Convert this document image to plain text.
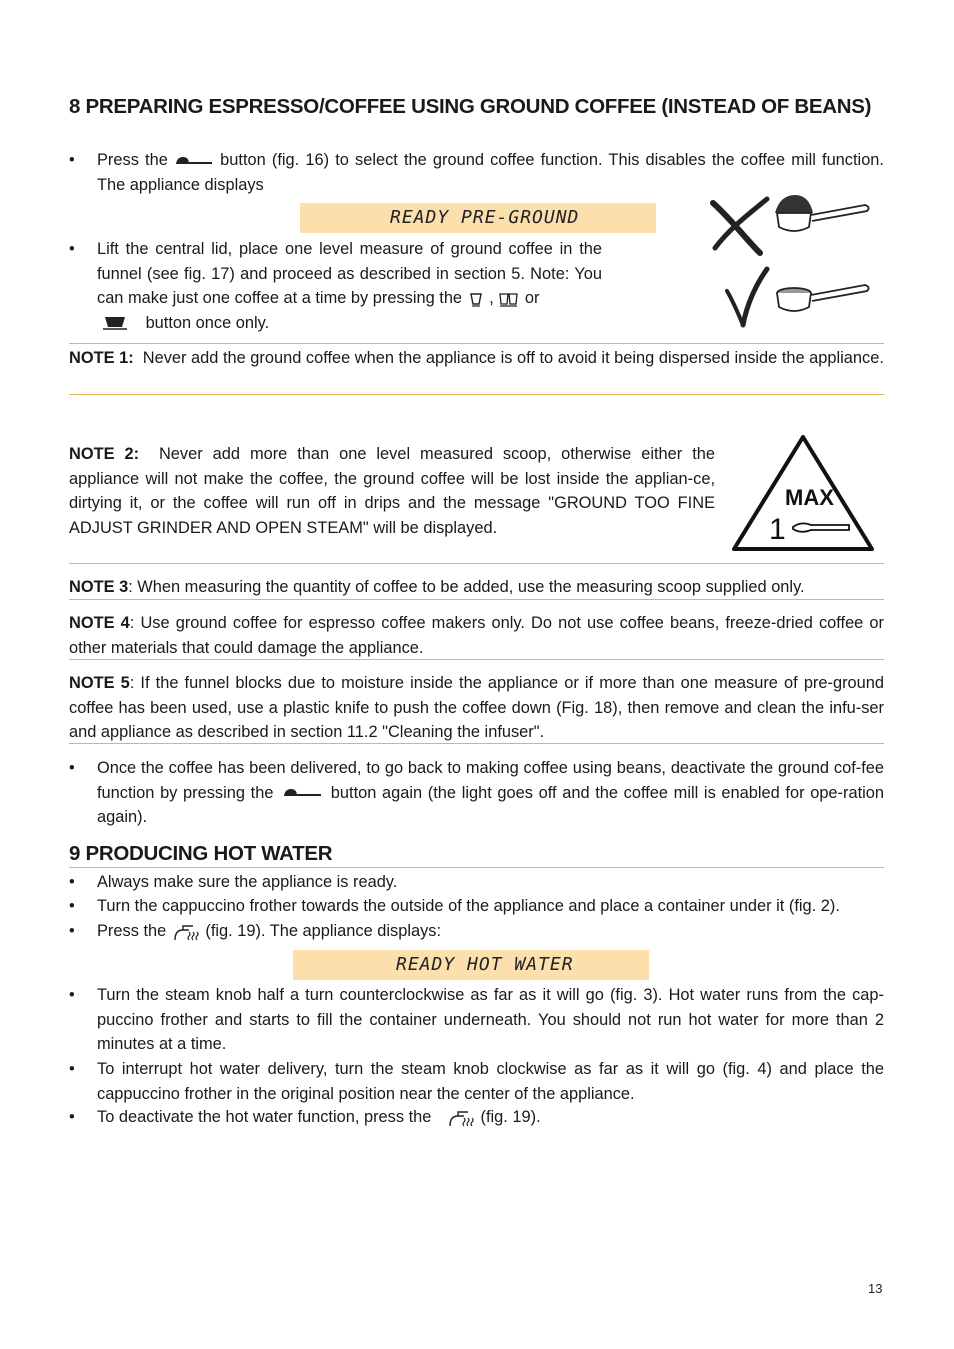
8 PREPARING ESPRESSO/COFFEE USING GROUND COFFEE (INSTEAD OF BEANS)
• Press the	button (fig. 16) to select the ground coffee function. This disables the coffee mill function. The appliance displays
READY PRE-GROUND
• Lift the central lid, place one level measure of ground coffee in the funnel (see fig. 17) and proceed as described in section 5. Note: You can make just one coffee at a time by pressing the , or
button once only.
NOTE 1: Never add the ground coffee when the appliance is off to avoid it being dispersed inside the appliance.
NOTE 2: Never add more than one level measured scoop, otherwise either the appliance will not make the coffee, the ground coffee will be lost inside the applian-ce, dirtying it, or the coffee will run off in drips and the message "GROUND TOO FINE ADJUST GRINDER AND OPEN STEAM" will be displayed.
MAX
1
NOTE 3: When measuring the quantity of coffee to be added, use the measuring scoop supplied only.
NOTE 4: Use ground coffee for espresso coffee makers only. Do not use coffee beans, freeze-dried coffee or other materials that could damage the appliance.
NOTE 5: If the funnel blocks due to moisture inside the appliance or if more than one measure of pre-ground coffee has been used, use a plastic knife to push the coffee down (Fig. 18), then remove and clean the infu-ser and appliance as described in section 11.2 "Cleaning the infuser".
• Once the coffee has been delivered, to go back to making coffee using beans, deactivate the ground cof-fee function by pressing the	button again (the light goes off and the coffee mill is enabled for ope-ration again).
9 PRODUCING HOT WATER
• Always make sure the appliance is ready.
• Turn the cappuccino frother towards the outside of the appliance and place a container under it (fig. 2).
• Press the (fig. 19). The appliance displays:
READY HOT WATER
• Turn the steam knob half a turn counterclockwise as far as it will go (fig. 3). Hot water runs from the cap-puccino frother and starts to fill the container underneath. You should not run hot water for more than 2 minutes at a time.
• To interrupt hot water delivery, turn the steam knob clockwise as far as it will go (fig. 4) and place the cappuccino frother in the original position near the center of the appliance.
• To deactivate the hot water function, press the	(fig. 19).
13
